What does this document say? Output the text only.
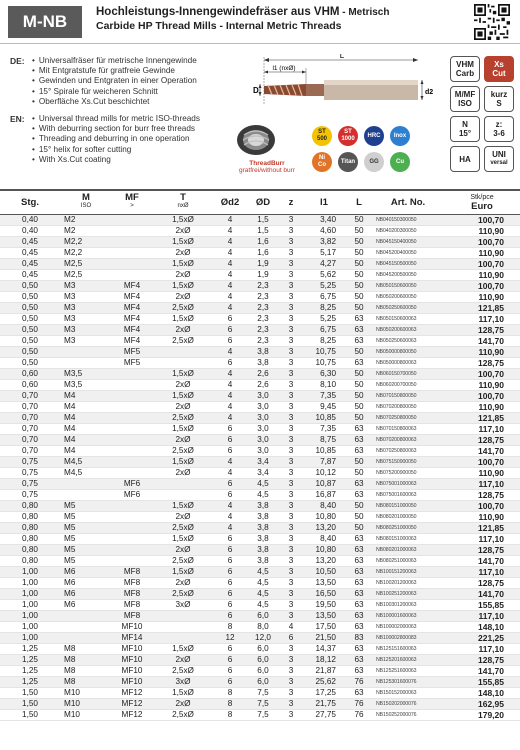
M-NB	Hochleistungs-Innengewindefräser aus VHM - Metrisch
Carbide HP Thread Mills - Internal Metric Threads
DE:	• Universalfräser für metrische Innengewinde
• Mit Entgratstufe für gratfreie Gewinde
• Gewinden und Entgraten in einer Operation
• 15° Spirale für weicheren Schnitt
• Oberfläche Xs.Cut beschichtet
EN:	• Universal thread mills for metric ISO-threads
• With deburring section for burr free threads
• Threading and deburring in one operation
• 15° helix for softer cutting
• With Xs.Cut coating
L
l1 (nxØ)
D	d2
VHM
Carb
Xs
Cut
M/MF
ISO
kurz
S
N
15°
z:
3-6
HA	UNI
versal
ThreadBurr
gratfrei/without burr
ST
500
ST
1000
HRC Inox
Ni
Co
Titan GG	Cu
Stg.	M
ISO	MF
>	T
nxØ	Ød2	ØD	z	l1	L	Art. No.	Stk/pce
Euro
0,40	M2		1,5xØ	4	1,5	3	3,40	50	NB040150300050	100,70
0,40	M2		2xØ	4	1,5	3	4,60	50	NB040200300050	110,90
0,45	M2,2		1,5xØ	4	1,6	3	3,82	50	NB045150400050	100,70
0,45	M2,2		2xØ	4	1,6	3	5,17	50	NB045200400050	110,90
0,45	M2,5		1,5xØ	4	1,9	3	4,27	50	NB045150500050	100,70
0,45	M2,5		2xØ	4	1,9	3	5,62	50	NB045200500050	110,90
0,50	M3	MF4	1,5xØ	4	2,3	3	5,25	50	NB050150600050	100,70
0,50	M3	MF4	2xØ	4	2,3	3	6,75	50	NB050200600050	110,90
0,50	M3	MF4	2,5xØ	4	2,3	3	8,25	50	NB050250600050	121,85
0,50	M3	MF4	1,5xØ	6	2,3	3	5,25	63	NB050150600063	117,10
0,50	M3	MF4	2xØ	6	2,3	3	6,75	63	NB050200600063	128,75
0,50	M3	MF4	2,5xØ	6	2,3	3	8,25	63	NB050250600063	141,70
0,50		MF5		4	3,8	3	10,75	50	NB050000800050	110,90
0,50		MF5		6	3,8	3	10,75	63	NB050000800063	128,75
0,60	M3,5		1,5xØ	4	2,6	3	6,30	50	NB060150700050	100,70
0,60	M3,5		2xØ	4	2,6	3	8,10	50	NB060200700050	110,90
0,70	M4		1,5xØ	4	3,0	3	7,35	50	NB070150800050	100,70
0,70	M4		2xØ	4	3,0	3	9,45	50	NB070200800050	110,90
0,70	M4		2,5xØ	4	3,0	3	10,85	50	NB070250800050	121,85
0,70	M4		1,5xØ	6	3,0	3	7,35	63	NB070150800063	117,10
0,70	M4		2xØ	6	3,0	3	8,75	63	NB070200800063	128,75
0,70	M4		2,5xØ	6	3,0	3	10,85	63	NB070250800063	141,70
0,75	M4,5		1,5xØ	4	3,4	3	7,87	50	NB075150900050	100,70
0,75	M4,5		2xØ	4	3,4	3	10,12	50	NB075200900050	110,90
0,75		MF6		6	4,5	3	10,87	63	NB075001000063	117,10
0,75		MF6		6	4,5	3	16,87	63	NB075001600063	128,75
0,80	M5		1,5xØ	4	3,8	3	8,40	50	NB080151000050	100,70
0,80	M5		2xØ	4	3,8	3	10,80	50	NB080201000050	110,90
0,80	M5		2,5xØ	4	3,8	3	13,20	50	NB080251000050	121,85
0,80	M5		1,5xØ	6	3,8	3	8,40	63	NB080151000063	117,10
0,80	M5		2xØ	6	3,8	3	10,80	63	NB080201000063	128,75
0,80	M5		2,5xØ	6	3,8	3	13,20	63	NB080251000063	141,70
1,00	M6	MF8	1,5xØ	6	4,5	3	10,50	63	NB100151200063	117,10
1,00	M6	MF8	2xØ	6	4,5	3	13,50	63	NB100201200063	128,75
1,00	M6	MF8	2,5xØ	6	4,5	3	16,50	63	NB100251200063	141,70
1,00	M6	MF8	3xØ	6	4,5	3	19,50	63	NB100301200063	155,85
1,00		MF8		6	6,0	3	13,50	63	NB100001600063	117,10
1,00		MF10		8	8,0	4	17,50	63	NB100002000063	148,10
1,00		MF14		12	12,0	6	21,50	83	NB100002800083	221,25
1,25	M8	MF10	1,5xØ	6	6,0	3	14,37	63	NB125151600063	117,10
1,25	M8	MF10	2xØ	6	6,0	3	18,12	63	NB125201600063	128,75
1,25	M8	MF10	2,5xØ	6	6,0	3	21,87	63	NB125251600063	141,70
1,25	M8	MF10	3xØ	6	6,0	3	25,62	76	NB125301600076	155,85
1,50	M10	MF12	1,5xØ	8	7,5	3	17,25	63	NB150152000063	148,10
1,50	M10	MF12	2xØ	8	7,5	3	21,75	76	NB150202000076	162,95
1,50	M10	MF12	2,5xØ	8	7,5	3	27,75	76	NB150252000076	179,20
